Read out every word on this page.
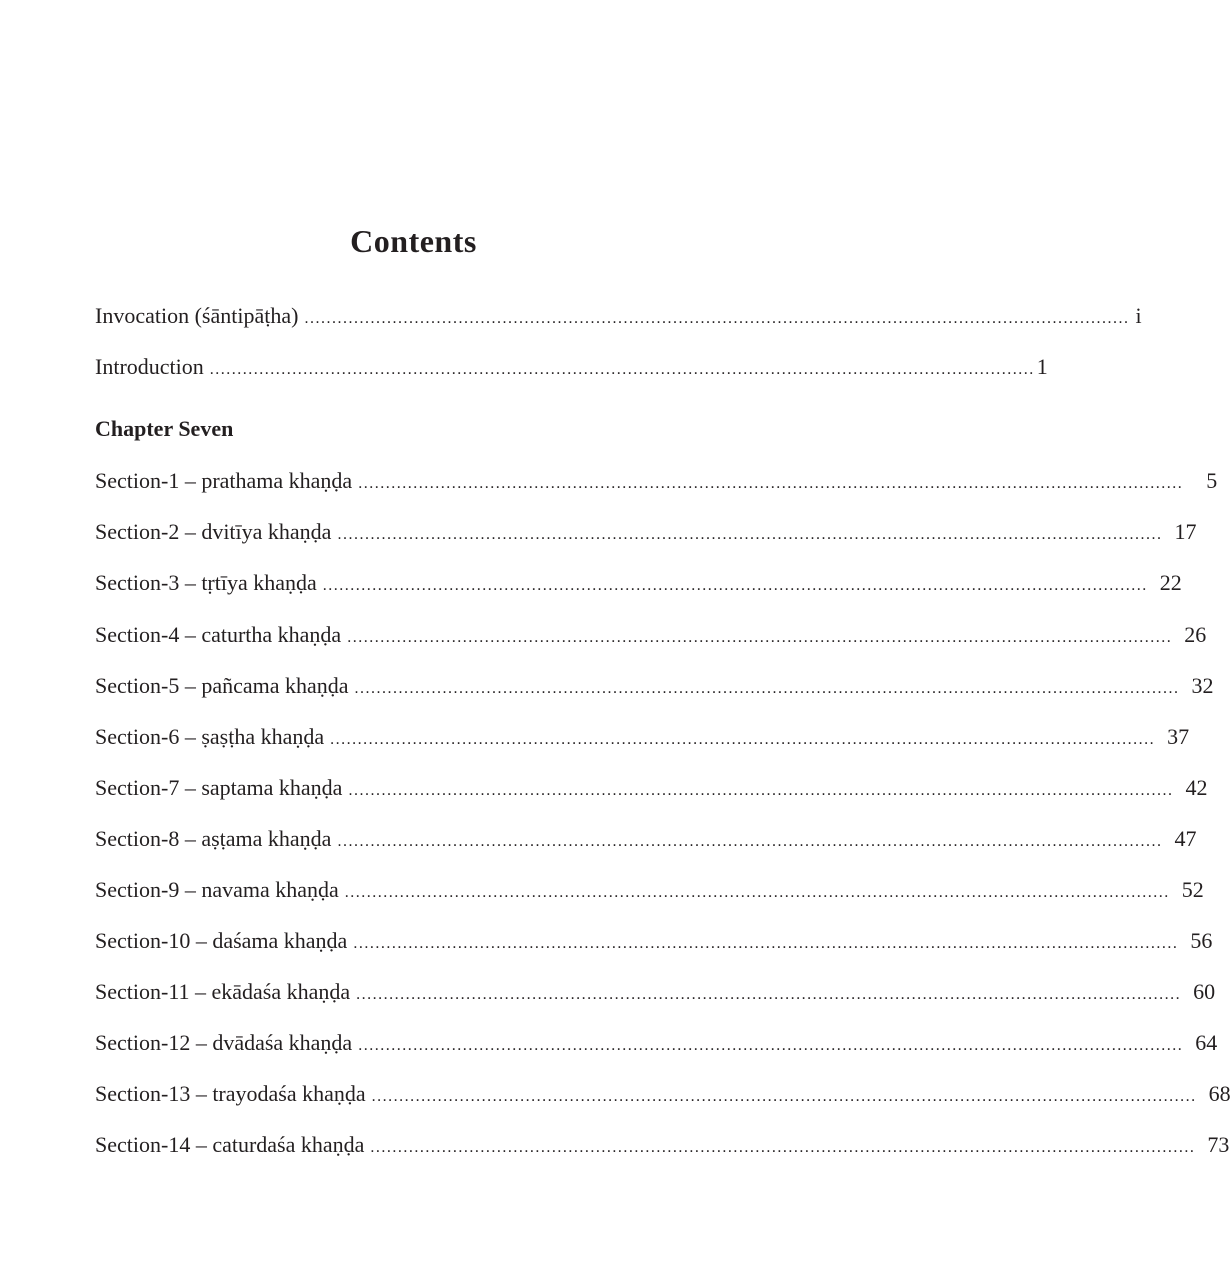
Contents
Invocation (śāntipāṭha) ...................................................................................................................................................... i
Introduction ...................................................................................................................................................... 1
Chapter Seven
Section-1 – prathama khaṇḍa ......................................................................................................................................................	5
Section-2 – dvitīya khaṇḍa ...................................................................................................................................................... 17
Section-3 – tṛtīya khaṇḍa ...................................................................................................................................................... 22
Section-4 – caturtha khaṇḍa ...................................................................................................................................................... 26
Section-5 – pañcama khaṇḍa ...................................................................................................................................................... 32
Section-6 – ṣaṣṭha khaṇḍa ...................................................................................................................................................... 37
Section-7 – saptama khaṇḍa ...................................................................................................................................................... 42
Section-8 – aṣṭama khaṇḍa ...................................................................................................................................................... 47
Section-9 – navama khaṇḍa ...................................................................................................................................................... 52
Section-10 – daśama khaṇḍa ...................................................................................................................................................... 56
Section-11 – ekādaśa khaṇḍa ...................................................................................................................................................... 60
Section-12 – dvādaśa khaṇḍa ...................................................................................................................................................... 64
Section-13 – trayodaśa khaṇḍa ...................................................................................................................................................... 68
Section-14 – caturdaśa khaṇḍa ...................................................................................................................................................... 73
